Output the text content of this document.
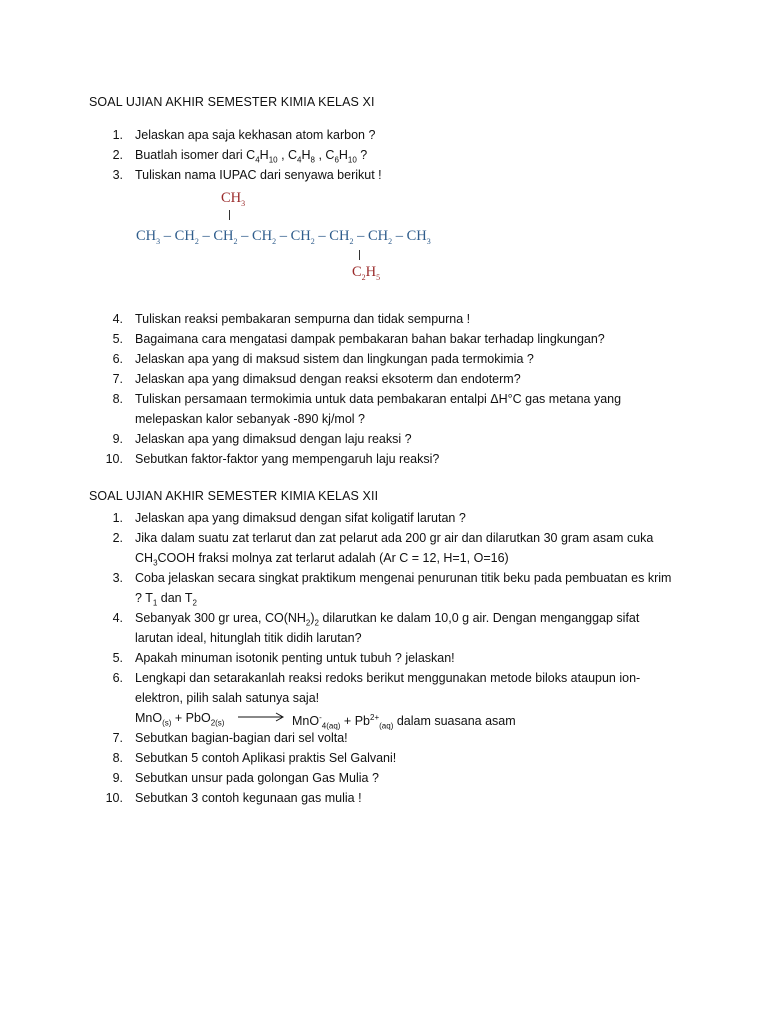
SOAL UJIAN AKHIR SEMESTER KIMIA KELAS XI
1. Jelaskan apa saja kekhasan atom karbon ?
2. Buatlah isomer dari $C_4H_{10}$ , $C_4H_8$ , $C_6H_{10}$ ?
3. Tuliskan nama IUPAC dari senyawa berikut !
$CH_3$
$CH_3 - CH_2 - CH_2 - CH_2 - CH_2 - CH_2 - CH_2 - CH_3$
$C_2H_5$
4. Tuliskan reaksi pembakaran sempurna dan tidak sempurna !
5. Bagaimana cara mengatasi dampak pembakaran bahan bakar terhadap lingkungan?
6. Jelaskan apa yang di maksud sistem dan lingkungan pada termokimia ?
7. Jelaskan apa yang dimaksud dengan reaksi eksoterm dan endoterm?
8. Tuliskan persamaan termokimia untuk data pembakaran entalpi ΔH°C gas metana yang
melepaskan kalor sebanyak -890 kj/mol ?
9. Jelaskan apa yang dimaksud dengan laju reaksi ?
10. Sebutkan faktor-faktor yang mempengaruh laju reaksi?
SOAL UJIAN AKHIR SEMESTER KIMIA KELAS XII
1. Jelaskan apa yang dimaksud dengan sifat koligatif larutan ?
2. Jika dalam suatu zat terlarut dan zat pelarut ada 200 gr air dan dilarutkan 30 gram asam cuka
$CH_3COOH$ fraksi molnya zat terlarut adalah (Ar C = 12, H=1, O=16)
3. Coba jelaskan secara singkat praktikum mengenai penurunan titik beku pada pembuatan es krim
? $T_1$ dan $T_2$
4. Sebanyak 300 gr urea, $CO(NH_2)_2$ dilarutkan ke dalam 10,0 g air. Dengan menganggap sifat
larutan ideal, hitunglah titik didih larutan?
5. Apakah minuman isotonik penting untuk tubuh ? jelaskan!
6. Lengkapi dan setarakanlah reaksi redoks berikut menggunakan metode biloks ataupun ion-
elektron, pilih salah satunya saja!
$MnO_{(s)} + PbO_{2(s)} \to MnO^-_{4(aq)} + Pb^{2+}_{(aq)}$ dalam suasana asam
7. Sebutkan bagian-bagian dari sel volta!
8. Sebutkan 5 contoh Aplikasi praktis Sel Galvani!
9. Sebutkan unsur pada golongan Gas Mulia ?
10. Sebutkan 3 contoh kegunaan gas mulia !
